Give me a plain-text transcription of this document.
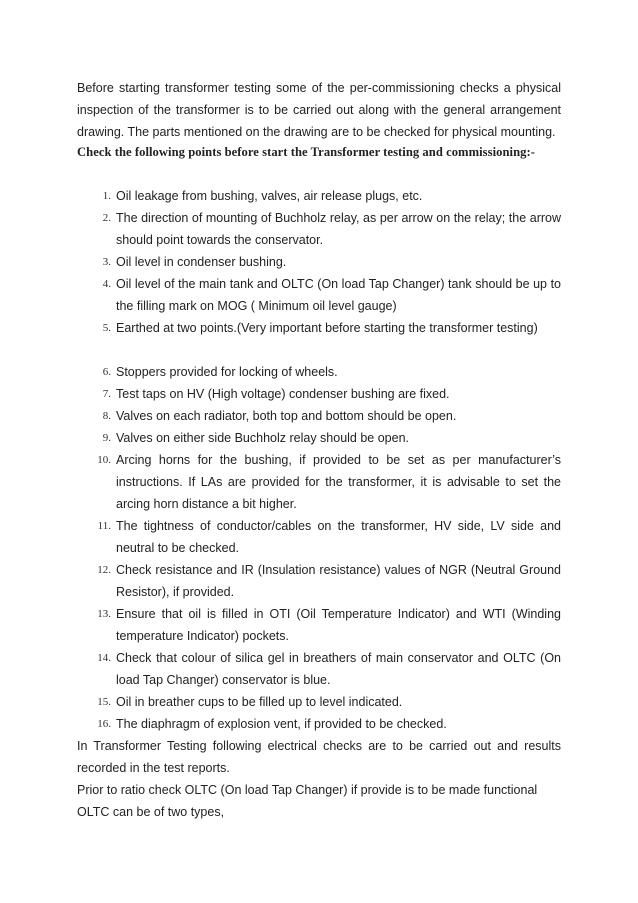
Before starting transformer testing some of the per-commissioning checks a physical inspection of the transformer is to be carried out along with the general arrangement drawing. The parts mentioned on the drawing are to be checked for physical mounting.

Check the following points before start the Transformer testing and commissioning:-

1. Oil leakage from bushing, valves, air release plugs, etc.
2. The direction of mounting of Buchholz relay, as per arrow on the relay; the arrow should point towards the conservator.
3. Oil level in condenser bushing.
4. Oil level of the main tank and OLTC (On load Tap Changer) tank should be up to the filling mark on MOG ( Minimum oil level gauge)
5. Earthed at two points.(Very important before starting the transformer testing)
6. Stoppers provided for locking of wheels.
7. Test taps on HV (High voltage) condenser bushing are fixed.
8. Valves on each radiator, both top and bottom should be open.
9. Valves on either side Buchholz relay should be open.
10. Arcing horns for the bushing, if provided to be set as per manufacturer’s instructions. If LAs are provided for the transformer, it is advisable to set the arcing horn distance a bit higher.
11. The tightness of conductor/cables on the transformer, HV side, LV side and neutral to be checked.
12. Check resistance and IR (Insulation resistance) values of NGR (Neutral Ground Resistor), if provided.
13. Ensure that oil is filled in OTI (Oil Temperature Indicator) and WTI (Winding temperature Indicator) pockets.
14. Check that colour of silica gel in breathers of main conservator and OLTC (On load Tap Changer) conservator is blue.
15. Oil in breather cups to be filled up to level indicated.
16. The diaphragm of explosion vent, if provided to be checked.

In Transformer Testing following electrical checks are to be carried out and results recorded in the test reports.

Prior to ratio check OLTC (On load Tap Changer) if provide is to be made functional

OLTC can be of two types,
